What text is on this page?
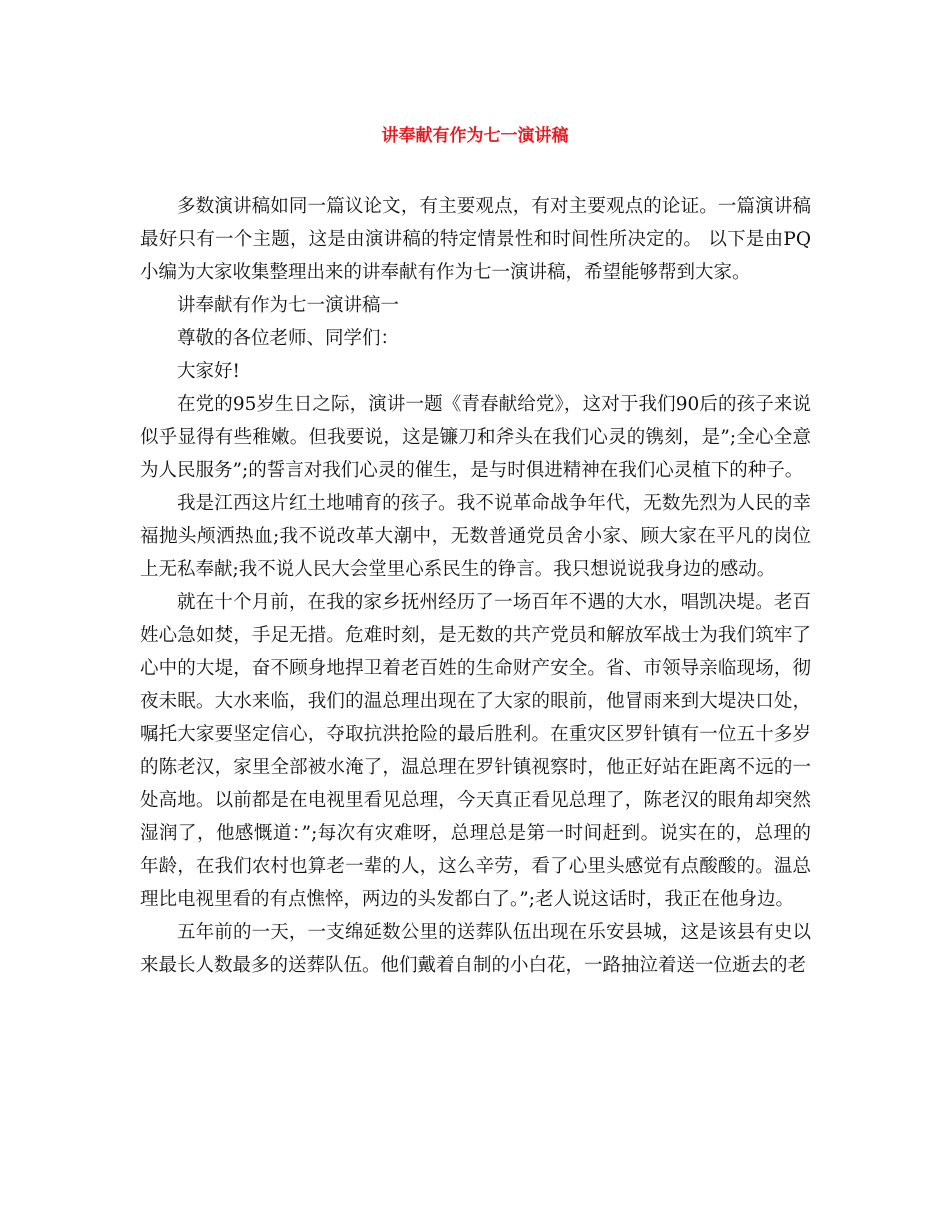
讲奉献有作为七一演讲稿

多数演讲稿如同一篇议论文，有主要观点，有对主要观点的论证。一篇演讲稿最好只有一个主题，这是由演讲稿的特定情景性和时间性所决定的。 以下是由PQ小编为大家收集整理出来的讲奉献有作为七一演讲稿，希望能够帮到大家。

讲奉献有作为七一演讲稿一

尊敬的各位老师、同学们：

大家好!

在党的95岁生日之际，演讲一题《青春献给党》，这对于我们90后的孩子来说似乎显得有些稚嫩。但我要说，这是镰刀和斧头在我们心灵的镌刻，是”;全心全意为人民服务”;的誓言对我们心灵的催生，是与时俱进精神在我们心灵植下的种子。

我是江西这片红土地哺育的孩子。我不说革命战争年代，无数先烈为人民的幸福抛头颅洒热血;我不说改革大潮中，无数普通党员舍小家、顾大家在平凡的岗位上无私奉献;我不说人民大会堂里心系民生的铮言。我只想说说我身边的感动。

就在十个月前，在我的家乡抚州经历了一场百年不遇的大水，唱凯决堤。老百姓心急如焚，手足无措。危难时刻，是无数的共产党员和解放军战士为我们筑牢了心中的大堤，奋不顾身地捍卫着老百姓的生命财产安全。省、市领导亲临现场，彻夜未眠。大水来临，我们的温总理出现在了大家的眼前，他冒雨来到大堤决口处，嘱托大家要坚定信心，夺取抗洪抢险的最后胜利。在重灾区罗针镇有一位五十多岁的陈老汉，家里全部被水淹了，温总理在罗针镇视察时，他正好站在距离不远的一处高地。以前都是在电视里看见总理，今天真正看见总理了，陈老汉的眼角却突然湿润了，他感慨道：”;每次有灾难呀，总理总是第一时间赶到。说实在的，总理的年龄，在我们农村也算老一辈的人，这么辛劳，看了心里头感觉有点酸酸的。温总理比电视里看的有点憔悴，两边的头发都白了。”;老人说这话时，我正在他身边。

五年前的一天，一支绵延数公里的送葬队伍出现在乐安县城，这是该县有史以来最长人数最多的送葬队伍。他们戴着自制的小白花，一路抽泣着送一位逝去的老
